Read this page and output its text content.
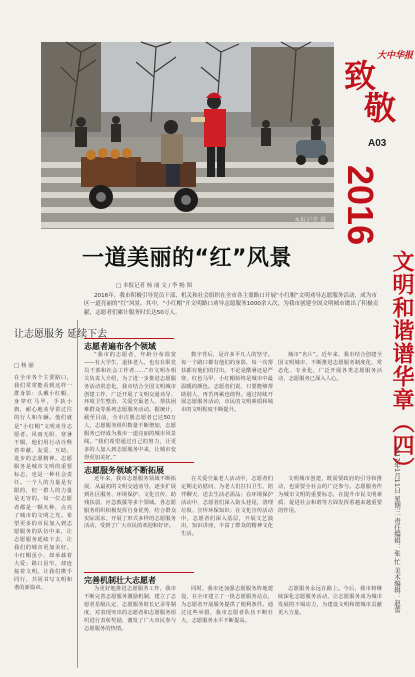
本报记者 摄
大中华报
致
敬
A03
2016
文明和谐谱华章（四）
2017年1月11日 星期三 责任编辑：张 忙 美术编辑：赵蕾
一道美丽的“红”风景
□ 本报记者 杨 丽 文 / 李 畅 图
2016年，我市积极引导党员干部、机关和社会组织在全市各主要路口开展“小红帽”文明劝导志愿服务活动，成为市区一道亮丽的“红”风景。其中，“小红帽”开文明路口劝导志愿服务1000余人次，为我市创建全国文明城市做出了积极贡献，志愿者们累计服务时长达50万人。
志愿者遍布各个领域
“我市的志愿者，年龄分布很宽——有大学生、退休老人，也有在职党员干部和社会工作者……”市文明办相关负责人介绍，为了进一步推进志愿服务活动常态化，我市结合全国文明城市创建工作，广泛开展了文明交通劝导、环境卫生整治、关爱空巢老人、帮扶困难群众等系列志愿服务活动。据统计，截至目前，全市注册志愿者已达50万人，志愿服务组织数量不断增加，志愿服务已经成为我市一道亮丽的城市风景线。“我们希望通过自己的努力，让更多的人加入到志愿服务中来，让城市变得更加美好。”
数字背后，是许多平凡人的坚守。每一个路口都有他们的身影，每一次帮扶都有他们的付出。不论是酷暑还是严寒，红色马甲、小红帽始终是城市中最温暖的颜色。志愿者们说，只要能够帮助别人，再苦再累也值得。通过持续开展志愿服务活动，市民的文明素质和城市的文明程度不断提升。
城市“名片”。近年来，我市结合创建全国文明城市，不断推进志愿服务制度化、常态化、专业化，广泛开展各类志愿服务活动，志愿服务已深入人心。
志愿服务领域不断拓展
近年来，我市志愿服务领域不断拓展，从最初的文明交通劝导，逐步扩展到社区服务、环境保护、文化宣传、助残扶弱、应急救援等多个领域。各志愿服务组织积极发挥自身优势，结合群众实际需求，开展了形式多样的志愿服务活动，受到了广大市民的欢迎和好评。
在关爱空巢老人活动中，志愿者们定期走访慰问，为老人们打扫卫生、陪伴聊天、送去生活必需品；在环境保护活动中，志愿者们深入街头巷尾，清理垃圾、宣传环保知识；在文化宣传活动中，志愿者们深入基层，开展文艺演出、知识讲座，丰富了群众的精神文化生活。
文明城市创建，既需要政府的引导和推动，也需要全社会的广泛参与。志愿服务作为城市文明的重要标志，在提升市民文明素质、促进社会和谐等方面发挥着越来越重要的作用。
完善机制壮大志愿者
为更好地推进志愿服务工作，我市不断完善志愿服务激励机制，建立了志愿者星级认定、志愿服务时长记录等制度，对表现突出的志愿者和志愿服务组织进行表彰奖励，激发了广大市民参与志愿服务的热情。
同时，我市还加强志愿服务阵地建设，在全市建立了一批志愿服务站点，为志愿者开展服务提供了便利条件。通过这些举措，我市志愿者队伍不断壮大，志愿服务水平不断提高。
志愿服务永远在路上。今后，我市将继续深化志愿服务活动，让志愿服务成为城市发展的不竭动力，为建设文明和谐城市贡献更大力量。
让志愿服务 延续下去
□ 杨 丽
在全市各个主要路口，我们常常能看到这样一群身影：头戴小红帽、身穿红马甲，手执小旗，耐心地劝导着过往的行人和车辆。他们就是“小红帽”文明劝导志愿者。风雨无阻、寒暑不辍，他们用行动诠释着奉献、友爱、互助、进步的志愿精神。志愿服务是城市文明的重要标志，也是一种社会责任。一个人的力量是有限的，但一群人的力量是无穷的。每一位志愿者都是一颗火种，点亮了城市的文明之光。希望更多的市民加入到志愿服务的队伍中来，让志愿服务延续下去，让我们的城市更加美好。小红帽虽小，却承载着大爱；路口虽窄，却连接着文明。让我们携手同行，共同书写文明和谐的新篇章。
